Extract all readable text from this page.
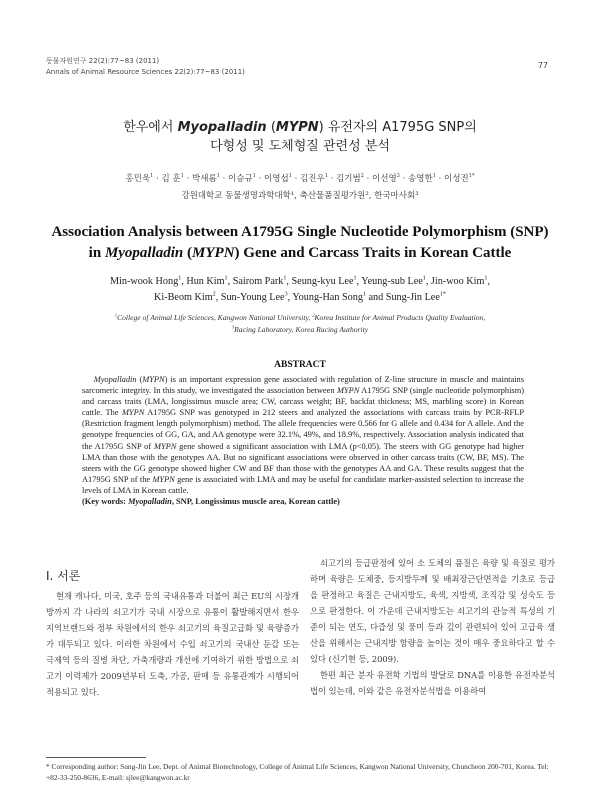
동물자원연구 22(2):77~83 (2011)
Annals of Animal Resource Sciences 22(2):77~83 (2011)
77
한우에서 Myopalladin (MYPN) 유전자의 A1795G SNP의
다형성 및 도체형질 관련성 분석
홍민욱$^1$ · 김 훈$^1$ · 박새롬$^1$ · 이승규$^1$ · 이영섭$^1$ · 김진우$^1$ · 김기범$^2$ · 이선영$^3$ · 송영한$^1$ · 이성진$^{1*}$
강원대학교 동물생명과학대학¹, 축산물품질평가원², 한국마사회³
Association Analysis between A1795G Single Nucleotide Polymorphism (SNP)
in Myopalladin (MYPN) Gene and Carcass Traits in Korean Cattle
Min-wook Hong$^1$, Hun Kim$^1$, Sairom Park$^1$, Seung-kyu Lee$^1$, Yeung-sub Lee$^1$, Jin-woo Kim$^1$,
Ki-Beom Kim$^2$, Sun-Young Lee$^3$, Young-Han Song$^1$ and Sung-Jin Lee$^{1*}$
$^1$College of Animal Life Sciences, Kangwon National University, $^2$Korea Institute for Animal Products Quality Evaluation,
$^3$Racing Laboratory, Korea Racing Authority
ABSTRACT
Myopalladin (MYPN) is an important expression gene associated with regulation of Z-line structure in muscle and maintains sarcomeric integrity. In this study, we investigated the association between MYPN A1795G SNP (single nucleotide polymorphism) and carcass traits (LMA, longissimus muscle area; CW, carcass weight; BF, backfat thickness; MS, marbling score) in Korean cattle. The MYPN A1795G SNP was genotyped in 212 steers and analyzed the associations with carcass traits by PCR-RFLP (Restriction fragment length polymorphism) method. The allele frequencies were 0.566 for G allele and 0.434 for A allele. And the genotype frequencies of GG, GA, and AA genotype were 32.1%, 49%, and 18.9%, respectively. Association analysis indicated that the A1795G SNP of MYPN gene showed a significant association with LMA (p<0.05). The steers with GG genotype had higher LMA than those with the genotypes AA. But no significant associations were observed in other carcass traits (CW, BF, MS). The steers with the GG genotype showed higher CW and BF than those with the genotypes AA and GA. These results suggest that the A1795G SNP of the MYPN gene is associated with LMA and may be useful for candidate marker-assisted selection to increase the levels of LMA in Korean cattle.
(Key words: Myopalladin, SNP, Longissimus muscle area, Korean cattle)
I. 서론

현재 캐나다, 미국, 호주 등의 국내유통과 더불어 최근 EU의 시장개방까지 각 나라의 쇠고기가 국내 시장으로 유통이 활발해지면서 한우 지역브랜드와 정부 차원에서의 한우 쇠고기의 육질고급화 및 육량증가가 대두되고 있다. 이러한 차원에서 수입 쇠고기의 국내산 둔갑 또는 극제역 등의 질병 차단, 가축개량과 개선에 기여하기 위한 방법으로 쇠고기 이력제가 2009년부터 도축, 가공, 판매 등 유통관계가 시행되어 적용되고 있다.

쇠고기의 등급판정에 있어 소 도체의 품질은 육량 및 육질로 평가하며 육량은 도체중, 등지방두께 및 배최장근단면적을 기초로 등급을 판정하고 육질은 근내지방도, 육색, 지방색, 조직감 및 성숙도 등으로 판정한다. 이 가운데 근내지방도는 쇠고기의 관능적 특성의 기준이 되는 연도, 다즙성 및 풍미 등과 깊이 관련되어 있어 고급육 생산을 위해서는 근내지방 함량을 높이는 것이 매우 중요하다고 할 수 있다 (신기현 등, 2009).

한편 최근 분자 유전학 기법의 발달로 DNA를 이용한 유전자분석법이 있는데, 이와 같은 유전자분석법을 이용하여

* Corresponding author: Sung-Jin Lee, Dept. of Animal Biotechnology, College of Animal Life Sciences, Kangwon National University, Chuncheon 200-701, Korea. Tel: +82-33-250-8636, E-mail: sjlee@kangwon.ac.kr
